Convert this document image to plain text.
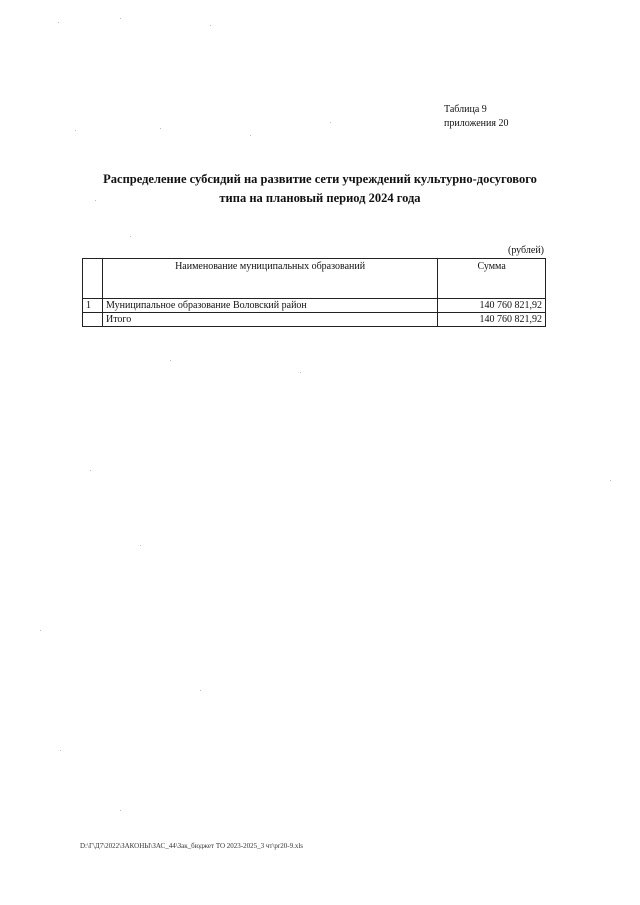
Таблица 9
приложения 20
Распределение субсидий на развитие сети учреждений культурно-досугового
типа на плановый период 2024 года
(рублей)
	Наименование муниципальных образований	Сумма
1	Муниципальное образование Воловский район	140 760 821,92
	Итого	140 760 821,92
D:\Г\Д7\2022\ЗАКОНЫ\ЗАС_44\Зак_бюджет ТО 2023-2025_3 чт\pr20-9.xls
